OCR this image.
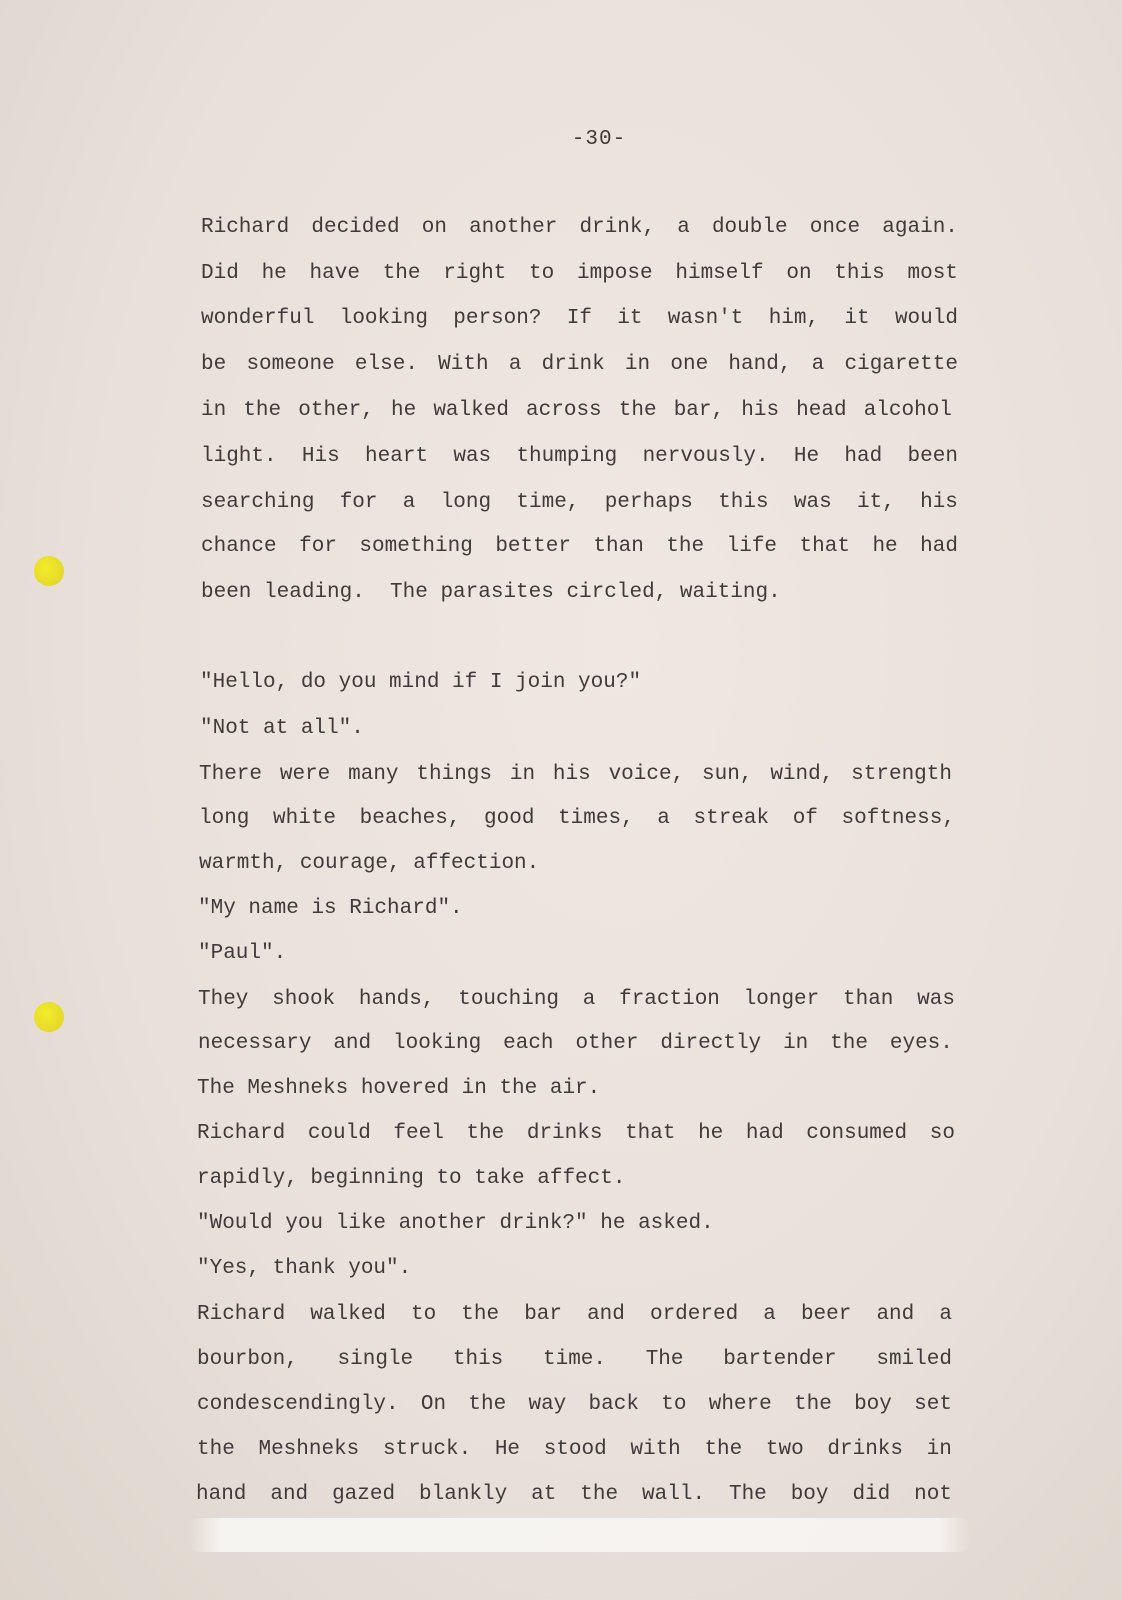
-30-
Richard decided on another drink, a double once again.
Did he have the right to impose himself on this most
wonderful looking person? If it wasn't him, it would
be someone else. With a drink in one hand, a cigarette
in the other, he walked across the bar, his head alcohol
light. His heart was thumping nervously. He had been
searching for a long time, perhaps this was it, his
chance for something better than the life that he had
been leading.  The parasites circled, waiting.
"Hello, do you mind if I join you?"
"Not at all".
There were many things in his voice, sun, wind, strength
long white beaches, good times, a streak of softness,
warmth, courage, affection.
"My name is Richard".
"Paul".
They shook hands, touching a fraction longer than was
necessary and looking each other directly in the eyes.
The Meshneks hovered in the air.
Richard could feel the drinks that he had consumed so
rapidly, beginning to take affect.
"Would you like another drink?" he asked.
"Yes, thank you".
Richard walked to the bar and ordered a beer and a
bourbon, single this time. The bartender smiled
condescendingly. On the way back to where the boy set
the Meshneks struck. He stood with the two drinks in
hand and gazed blankly at the wall. The boy did not
